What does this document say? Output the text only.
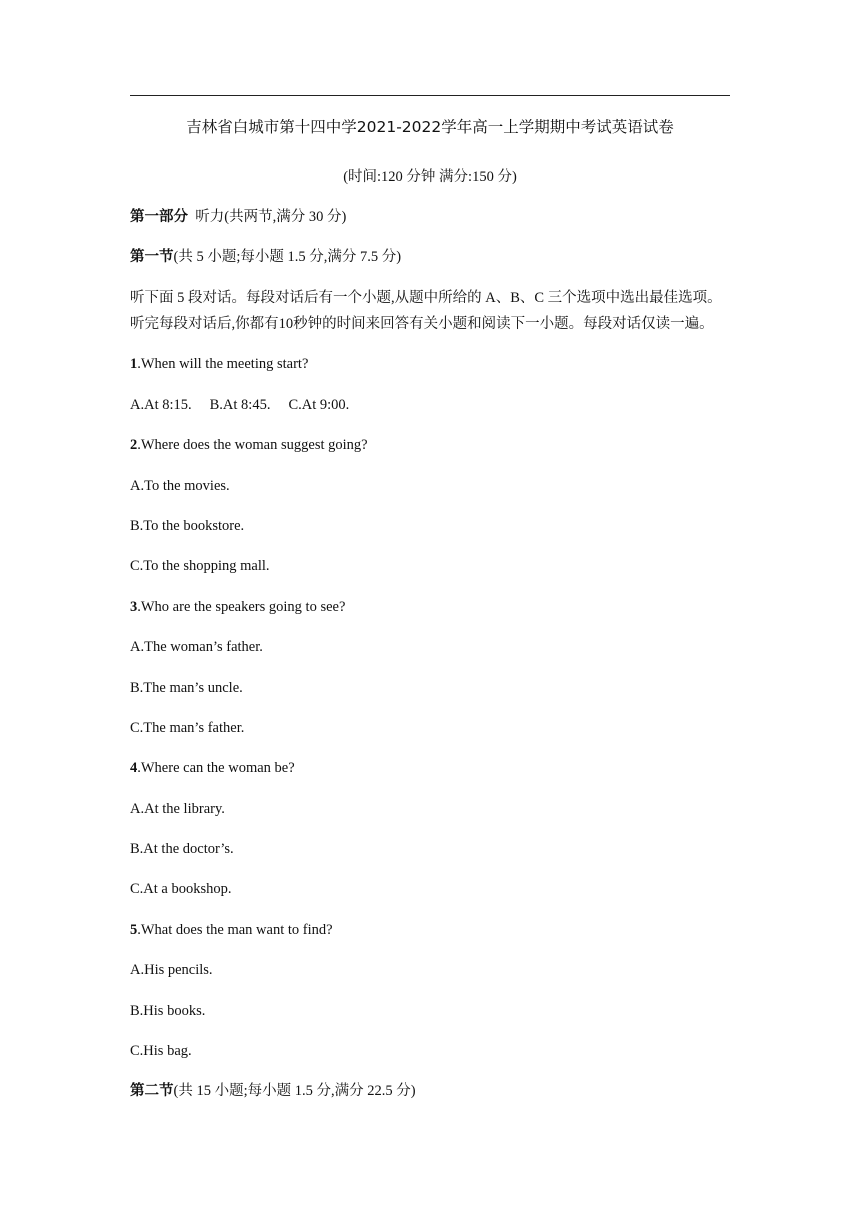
吉林省白城市第十四中学2021-2022学年高一上学期期中考试英语试卷
(时间:120 分钟 满分:150 分)
第一部分  听力(共两节,满分 30 分)
第一节(共 5 小题;每小题 1.5 分,满分 7.5 分)
听下面 5 段对话。每段对话后有一个小题,从题中所给的 A、B、C 三个选项中选出最佳选项。
听完每段对话后,你都有10秒钟的时间来回答有关小题和阅读下一小题。每段对话仅读一遍。
1.When will the meeting start?
A.At 8:15. B.At 8:45. C.At 9:00.
2.Where does the woman suggest going?
A.To the movies.
B.To the bookstore.
C.To the shopping mall.
3.Who are the speakers going to see?
A.The woman’s father.
B.The man’s uncle.
C.The man’s father.
4.Where can the woman be?
A.At the library.
B.At the doctor’s.
C.At a bookshop.
5.What does the man want to find?
A.His pencils.
B.His books.
C.His bag.
第二节(共 15 小题;每小题 1.5 分,满分 22.5 分)
